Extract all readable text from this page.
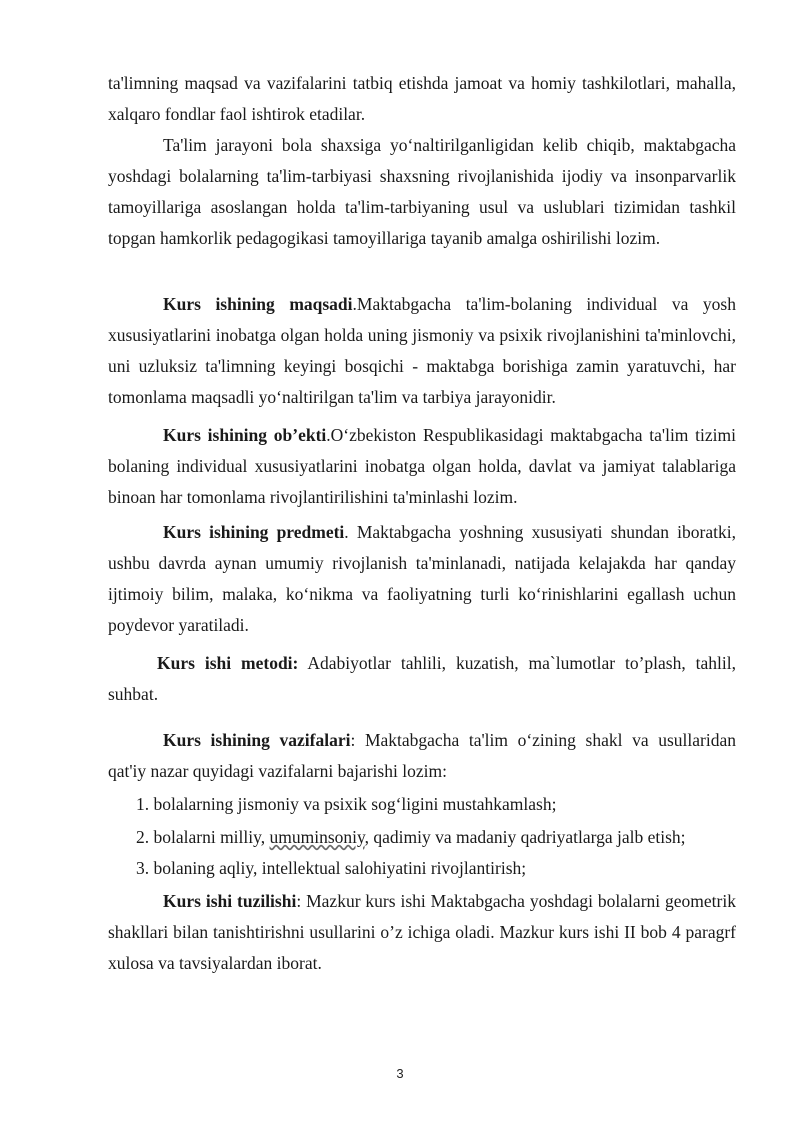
ta'limning maqsad va vazifalarini tatbiq etishda jamoat va homiy tashkilotlari, mahalla, xalqaro fondlar faol ishtirok etadilar.

Ta'lim jarayoni bola shaxsiga yo‘naltirilganligidan kelib chiqib, maktabgacha yoshdagi bolalarning ta'lim-tarbiyasi shaxsning rivojlanishida ijodiy va insonparvarlik tamoyillariga asoslangan holda ta'lim-tarbiyaning usul va uslublari tizimidan tashkil topgan hamkorlik pedagogikasi tamoyillariga tayanib amalga oshirilishi lozim.

Kurs ishining maqsadi.Maktabgacha ta'lim-bolaning individual va yosh xususiyatlarini inobatga olgan holda uning jismoniy va psixik rivojlanishini ta'minlovchi, uni uzluksiz ta'limning keyingi bosqichi - maktabga borishiga zamin yaratuvchi, har tomonlama maqsadli yo‘naltirilgan ta'lim va tarbiya jarayonidir.

Kurs ishining ob’ekti.O‘zbekiston Respublikasidagi maktabgacha ta'lim tizimi bolaning individual xususiyatlarini inobatga olgan holda, davlat va jamiyat talablariga binoan har tomonlama rivojlantirilishini ta'minlashi lozim.

Kurs ishining predmeti. Maktabgacha yoshning xususiyati shundan iboratki, ushbu davrda aynan umumiy rivojlanish ta'minlanadi, natijada kelajakda har qanday ijtimoiy bilim, malaka, ko‘nikma va faoliyatning turli ko‘rinishlarini egallash uchun poydevor yaratiladi.

Kurs ishi metodi: Adabiyotlar tahlili, kuzatish, ma`lumotlar to’plash, tahlil, suhbat.

Kurs ishining vazifalari: Maktabgacha ta'lim o‘zining shakl va usullaridan qat'iy nazar quyidagi vazifalarni bajarishi lozim:

1. bolalarning jismoniy va psixik sog‘ligini mustahkamlash;

2. bolalarni milliy, umuminsoniy, qadimiy va madaniy qadriyatlarga jalb etish;

3. bolaning aqliy, intellektual salohiyatini rivojlantirish;

Kurs ishi tuzilishi: Mazkur kurs ishi Maktabgacha yoshdagi bolalarni geometrik shakllari bilan tanishtirishni usullarini o’z ichiga oladi. Mazkur kurs ishi II bob 4 paragrf xulosa va tavsiyalardan iborat.

3
